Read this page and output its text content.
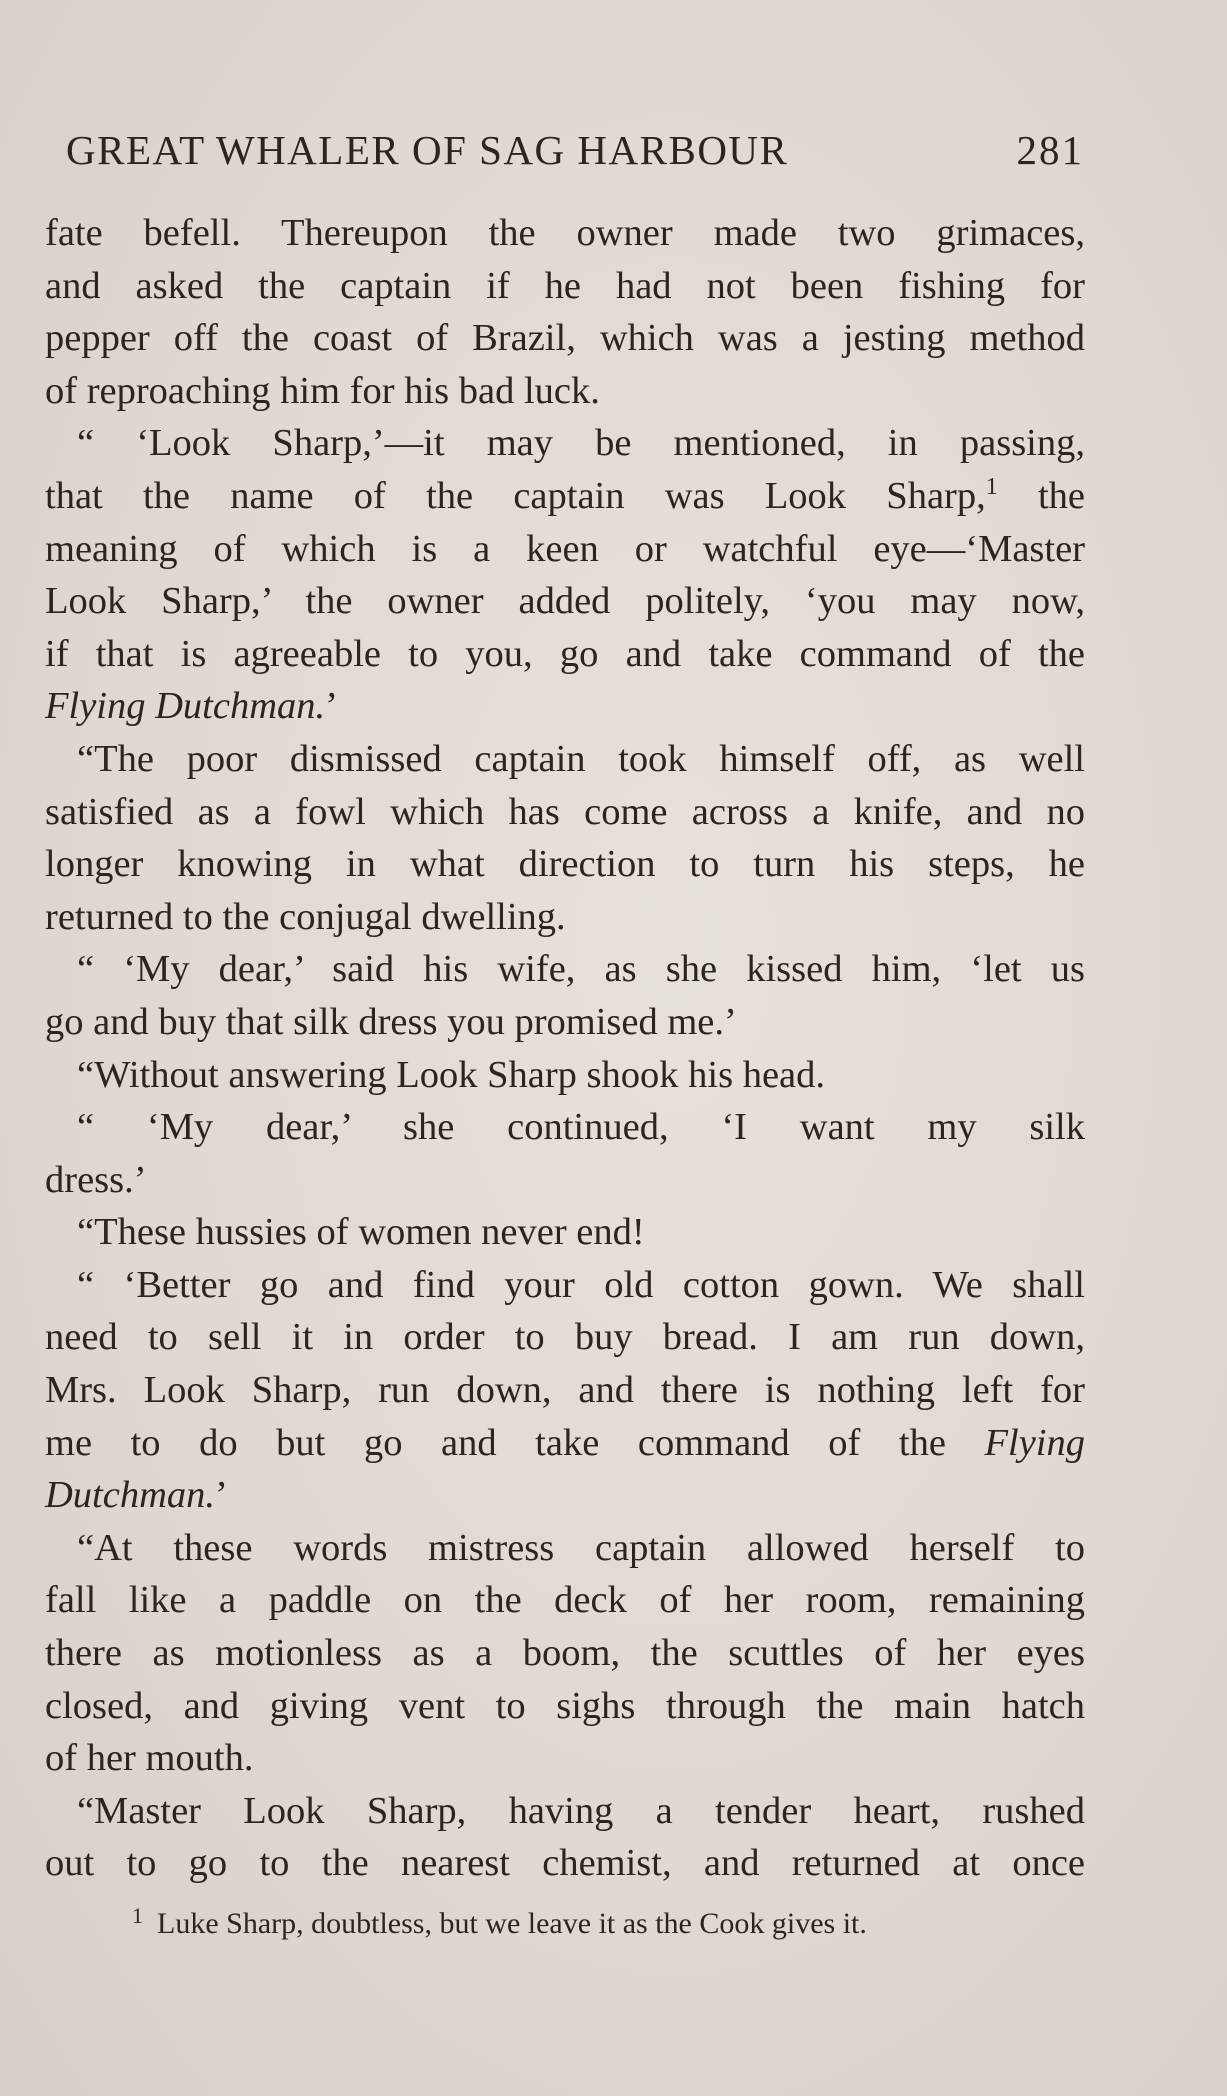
GREAT WHALER OF SAG HARBOUR	281
fate befell. Thereupon the owner made two grimaces,
and asked the captain if he had not been fishing for
pepper off the coast of Brazil, which was a jesting method
of reproaching him for his bad luck.
“ ‘Look Sharp,’—it may be mentioned, in passing,
that the name of the captain was Look Sharp,$^1$ the
meaning of which is a keen or watchful eye—‘Master
Look Sharp,’ the owner added politely, ‘you may now,
if that is agreeable to you, go and take command of the
Flying Dutchman.’
“The poor dismissed captain took himself off, as well
satisfied as a fowl which has come across a knife, and no
longer knowing in what direction to turn his steps, he
returned to the conjugal dwelling.
“ ‘My dear,’ said his wife, as she kissed him, ‘let us
go and buy that silk dress you promised me.’
“Without answering Look Sharp shook his head.
“ ‘My dear,’ she continued, ‘I want my silk
dress.’
“These hussies of women never end!
“ ‘Better go and find your old cotton gown. We shall
need to sell it in order to buy bread. I am run down,
Mrs. Look Sharp, run down, and there is nothing left for
me to do but go and take command of the Flying
Dutchman.’
“At these words mistress captain allowed herself to
fall like a paddle on the deck of her room, remaining
there as motionless as a boom, the scuttles of her eyes
closed, and giving vent to sighs through the main hatch
of her mouth.
“Master Look Sharp, having a tender heart, rushed
out to go to the nearest chemist, and returned at once
$^1$ Luke Sharp, doubtless, but we leave it as the Cook gives it.
